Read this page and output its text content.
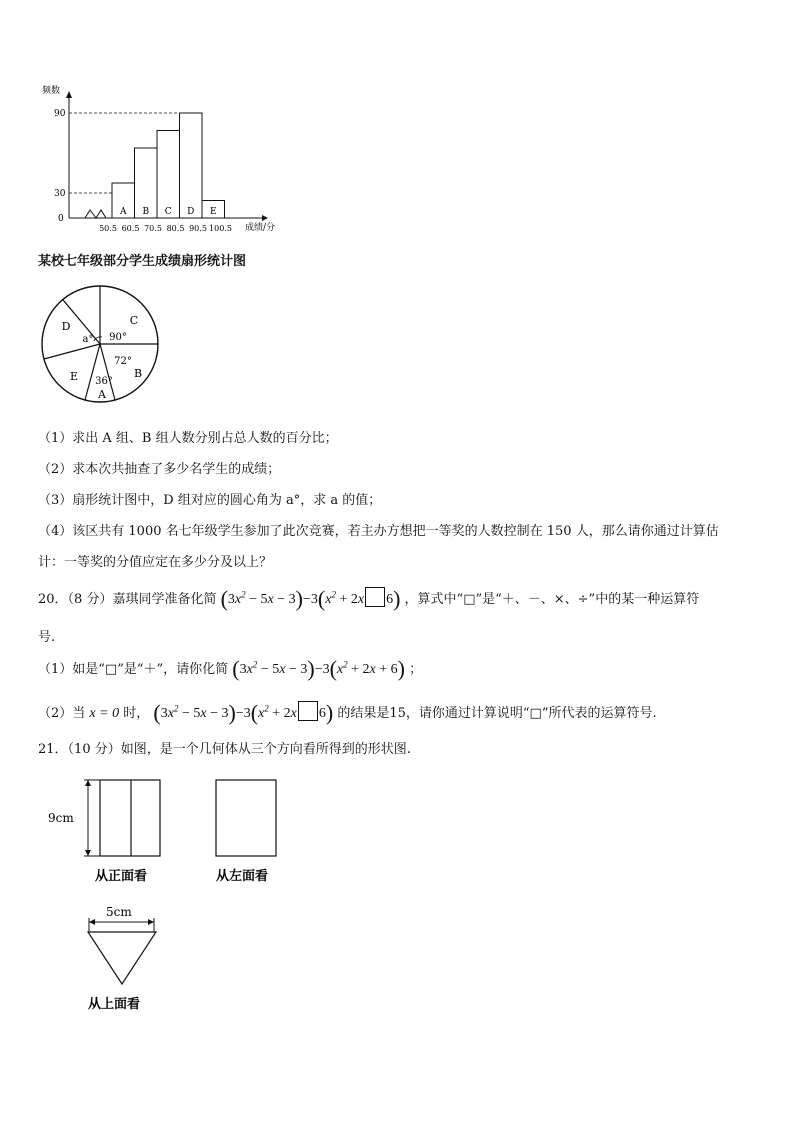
频数
90
30
0
A B C D E
50.5 60.5 70.5 80.5 90.5 100.5 成绩/分
某校七年级部分学生成绩扇形统计图
C
90°
B
72°
A
36°
D
a°
E
（1）求出 A 组、B 组人数分别占总人数的百分比；
（2）求本次共抽查了多少名学生的成绩；
（3）扇形统计图中，D 组对应的圆心角为 a°，求 a 的值；
（4）该区共有 1000 名七年级学生参加了此次竞赛，若主办方想把一等奖的人数控制在 150 人，那么请你通过计算估
计：一等奖的分值应定在多少分及以上？
20．（8 分）嘉琪同学准备化简 $(3x^2 - 5x - 3)-3(x^2 + 2x$ 6) ，算式中“□”是“＋、－、×、÷”中的某一种运算符
号.
（1）如是“□”是“＋”，请你化简 $(3x^2 - 5x - 3)-3(x^2 + 2x + 6)$ ；
（2）当 x = 0 时， $(3x^2 - 5x - 3)-3(x^2 + 2x$ 6) 的结果是15，请你通过计算说明“□”所代表的运算符号.
21．（10 分）如图，是一个几何体从三个方向看所得到的形状图.
9cm
从正面看	从左面看
5cm
从上面看
